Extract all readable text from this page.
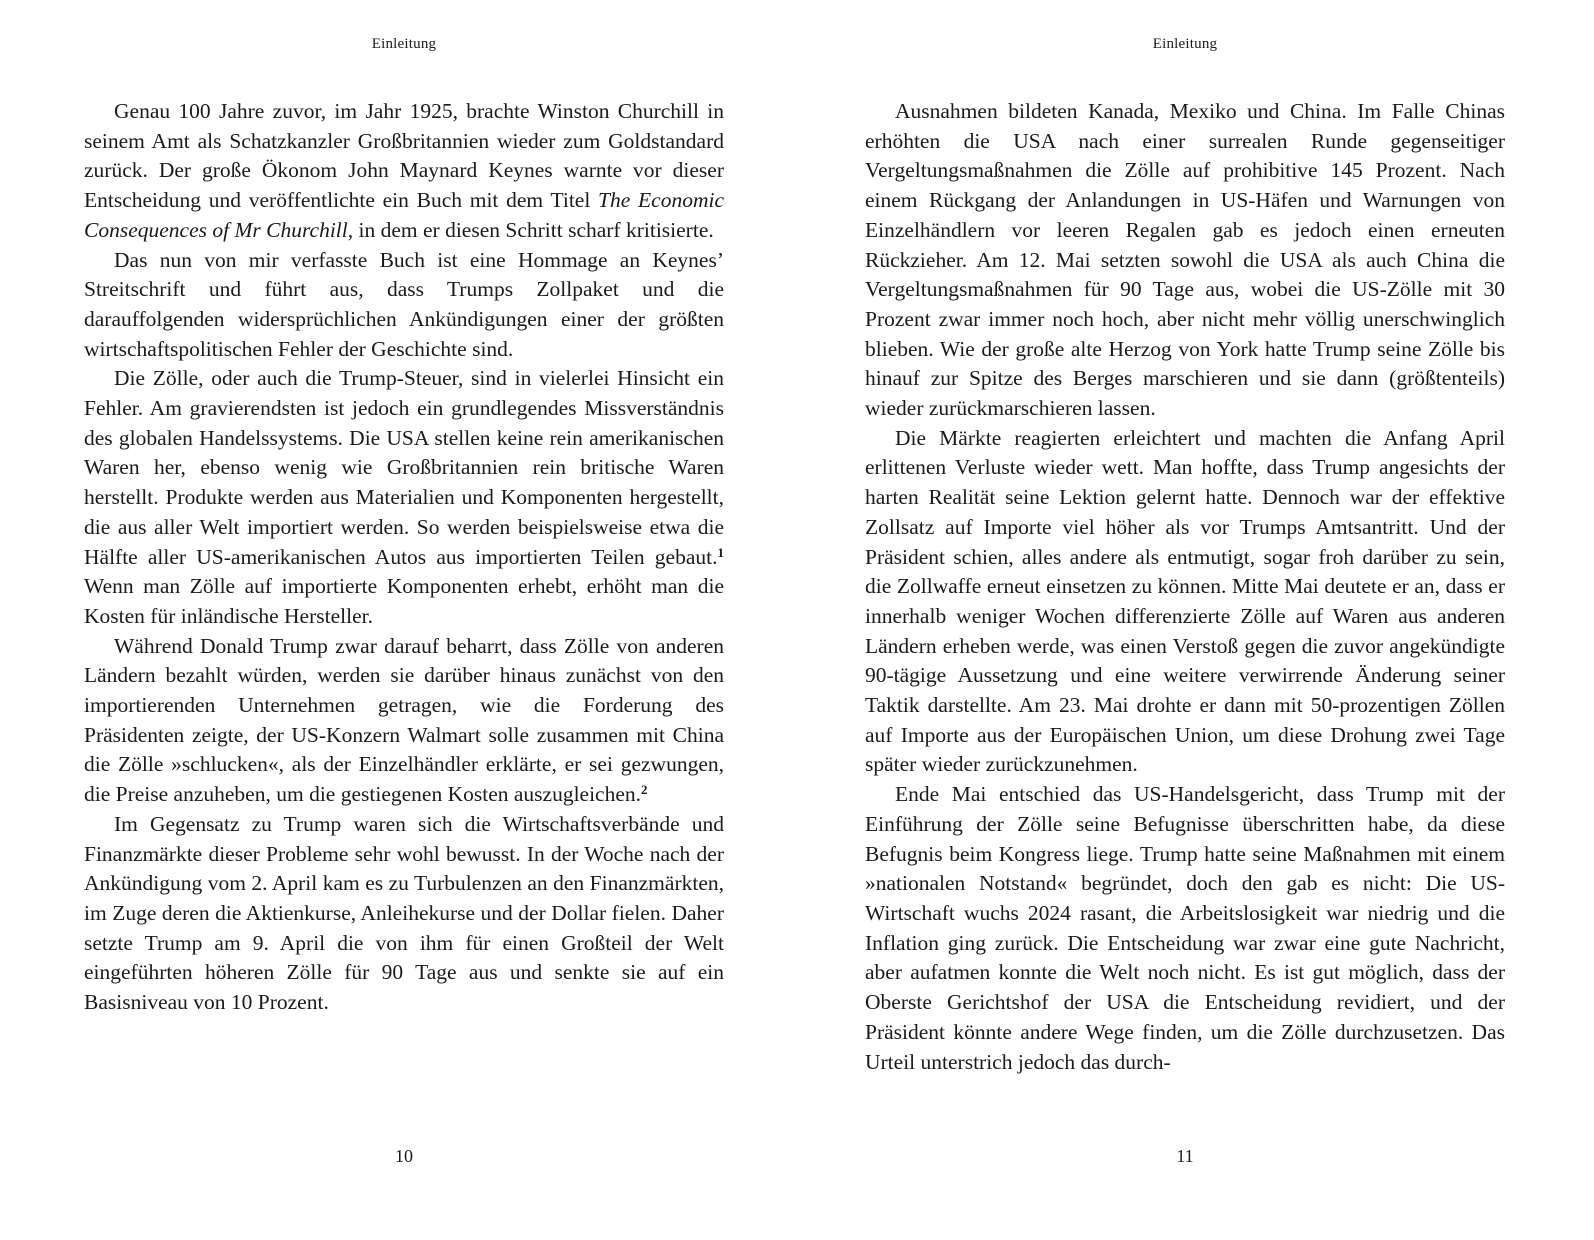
Einleitung

Genau 100 Jahre zuvor, im Jahr 1925, brachte Winston Churchill in seinem Amt als Schatzkanzler Großbritannien wieder zum Goldstandard zurück. Der große Ökonom John Maynard Keynes warnte vor dieser Entscheidung und veröffentlichte ein Buch mit dem Titel The Economic Consequences of Mr Churchill, in dem er diesen Schritt scharf kritisierte.

Das nun von mir verfasste Buch ist eine Hommage an Keynes’ Streitschrift und führt aus, dass Trumps Zollpaket und die darauffolgenden widersprüchlichen Ankündigungen einer der größten wirtschaftspolitischen Fehler der Geschichte sind.

Die Zölle, oder auch die Trump-Steuer, sind in vielerlei Hinsicht ein Fehler. Am gravierendsten ist jedoch ein grundlegendes Missverständnis des globalen Handelssystems. Die USA stellen keine rein amerikanischen Waren her, ebenso wenig wie Großbritannien rein britische Waren herstellt. Produkte werden aus Materialien und Komponenten hergestellt, die aus aller Welt importiert werden. So werden beispielsweise etwa die Hälfte aller US-amerikanischen Autos aus importierten Teilen gebaut.$^1$ Wenn man Zölle auf importierte Komponenten erhebt, erhöht man die Kosten für inländische Hersteller.

Während Donald Trump zwar darauf beharrt, dass Zölle von anderen Ländern bezahlt würden, werden sie darüber hinaus zunächst von den importierenden Unternehmen getragen, wie die Forderung des Präsidenten zeigte, der US-Konzern Walmart solle zusammen mit China die Zölle »schlucken«, als der Einzelhändler erklärte, er sei gezwungen, die Preise anzuheben, um die gestiegenen Kosten auszugleichen.$^2$

Im Gegensatz zu Trump waren sich die Wirtschaftsverbände und Finanzmärkte dieser Probleme sehr wohl bewusst. In der Woche nach der Ankündigung vom 2. April kam es zu Turbulenzen an den Finanzmärkten, im Zuge deren die Aktienkurse, Anleihekurse und der Dollar fielen. Daher setzte Trump am 9. April die von ihm für einen Großteil der Welt eingeführten höheren Zölle für 90 Tage aus und senkte sie auf ein Basisniveau von 10 Prozent.

10
Einleitung

Ausnahmen bildeten Kanada, Mexiko und China. Im Falle Chinas erhöhten die USA nach einer surrealen Runde gegenseitiger Vergeltungsmaßnahmen die Zölle auf prohibitive 145 Prozent. Nach einem Rückgang der Anlandungen in US-Häfen und Warnungen von Einzelhändlern vor leeren Regalen gab es jedoch einen erneuten Rückzieher. Am 12. Mai setzten sowohl die USA als auch China die Vergeltungsmaßnahmen für 90 Tage aus, wobei die US-Zölle mit 30 Prozent zwar immer noch hoch, aber nicht mehr völlig unerschwinglich blieben. Wie der große alte Herzog von York hatte Trump seine Zölle bis hinauf zur Spitze des Berges marschieren und sie dann (größtenteils) wieder zurückmarschieren lassen.

Die Märkte reagierten erleichtert und machten die Anfang April erlittenen Verluste wieder wett. Man hoffte, dass Trump angesichts der harten Realität seine Lektion gelernt hatte. Dennoch war der effektive Zollsatz auf Importe viel höher als vor Trumps Amtsantritt. Und der Präsident schien, alles andere als entmutigt, sogar froh darüber zu sein, die Zollwaffe erneut einsetzen zu können. Mitte Mai deutete er an, dass er innerhalb weniger Wochen differenzierte Zölle auf Waren aus anderen Ländern erheben werde, was einen Verstoß gegen die zuvor angekündigte 90-tägige Aussetzung und eine weitere verwirrende Änderung seiner Taktik darstellte. Am 23. Mai drohte er dann mit 50-prozentigen Zöllen auf Importe aus der Europäischen Union, um diese Drohung zwei Tage später wieder zurückzunehmen.

Ende Mai entschied das US-Handelsgericht, dass Trump mit der Einführung der Zölle seine Befugnisse überschritten habe, da diese Befugnis beim Kongress liege. Trump hatte seine Maßnahmen mit einem »nationalen Notstand« begründet, doch den gab es nicht: Die US-Wirtschaft wuchs 2024 rasant, die Arbeitslosigkeit war niedrig und die Inflation ging zurück. Die Entscheidung war zwar eine gute Nachricht, aber aufatmen konnte die Welt noch nicht. Es ist gut möglich, dass der Oberste Gerichtshof der USA die Entscheidung revidiert, und der Präsident könnte andere Wege finden, um die Zölle durchzusetzen. Das Urteil unterstrich jedoch das durch-

11
